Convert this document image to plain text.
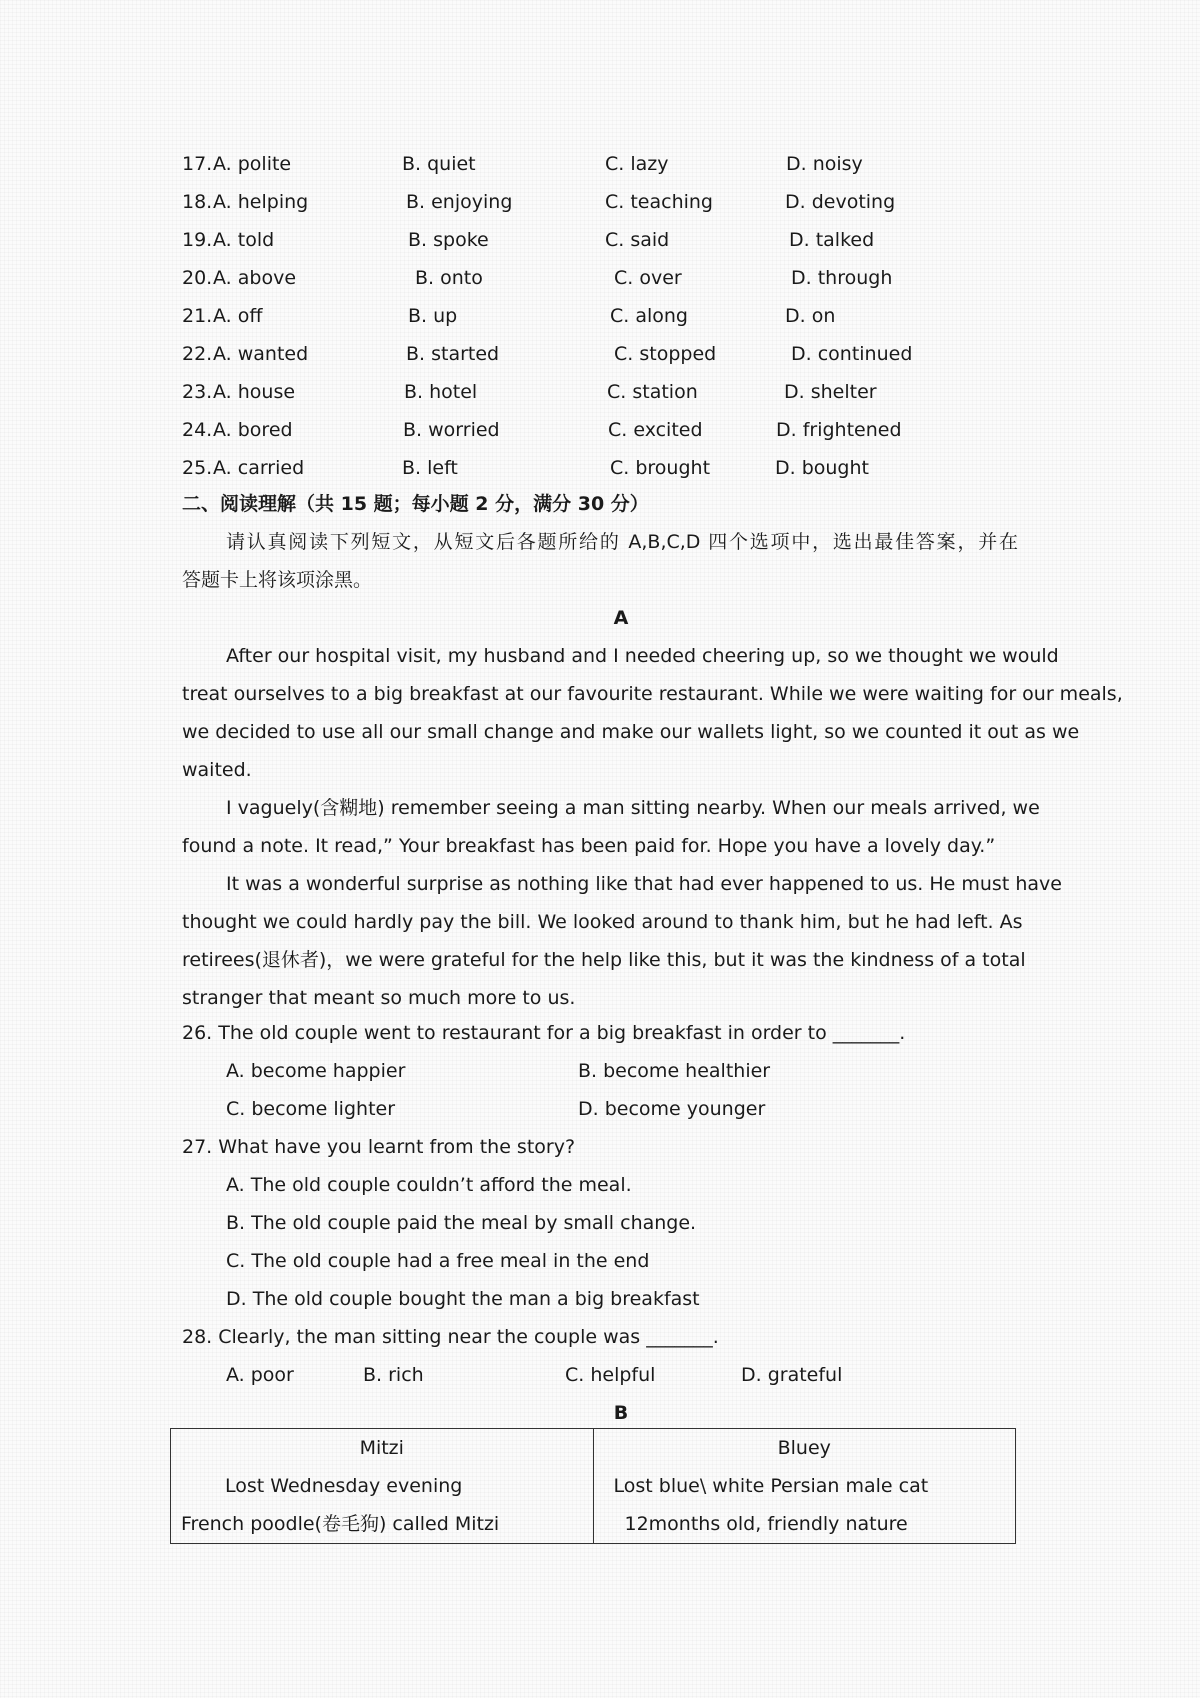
17. A. polite	B. quiet	C. lazy	D. noisy
18. A. helping	B. enjoying	C. teaching	D. devoting
19. A. told	B. spoke	C. said	D. talked
20. A. above	B. onto	C. over	D. through
21. A. off	B. up	C. along	D. on
22. A. wanted	B. started	C. stopped	D. continued
23. A. house	B. hotel	C. station	D. shelter
24. A. bored	B. worried	C. excited	D. frightened
25. A. carried	B. left	C. brought	D. bought
二、阅读理解（共 15 题；每小题 2 分，满分 30 分）
请认真阅读下列短文，从短文后各题所给的 A,B,C,D 四个选项中，选出最佳答案，并在
答题卡上将该项涂黑。
A
After our hospital visit, my husband and I needed cheering up, so we thought we would
treat ourselves to a big breakfast at our favourite restaurant. While we were waiting for our meals,
we decided to use all our small change and make our wallets light, so we counted it out as we
waited.
I vaguely(含糊地) remember seeing a man sitting nearby. When our meals arrived, we
found a note. It read,” Your breakfast has been paid for. Hope you have a lovely day.”
It was a wonderful surprise as nothing like that had ever happened to us. He must have
thought we could hardly pay the bill. We looked around to thank him, but he had left. As
retirees(退休者)，we were grateful for the help like this, but it was the kindness of a total
stranger that meant so much more to us.
26. The old couple went to restaurant for a big breakfast in order to _______.
A. become happier	B. become healthier
C. become lighter	D. become younger
27. What have you learnt from the story?
A. The old couple couldn’t afford the meal.
B. The old couple paid the meal by small change.
C. The old couple had a free meal in the end
D. The old couple bought the man a big breakfast
28. Clearly, the man sitting near the couple was _______.
A. poor	B. rich	C. helpful	D. grateful
B
Mitzi
Lost Wednesday evening
French poodle(卷毛狗) called Mitzi

Bluey
Lost blue\ white Persian male cat
12months old, friendly nature
